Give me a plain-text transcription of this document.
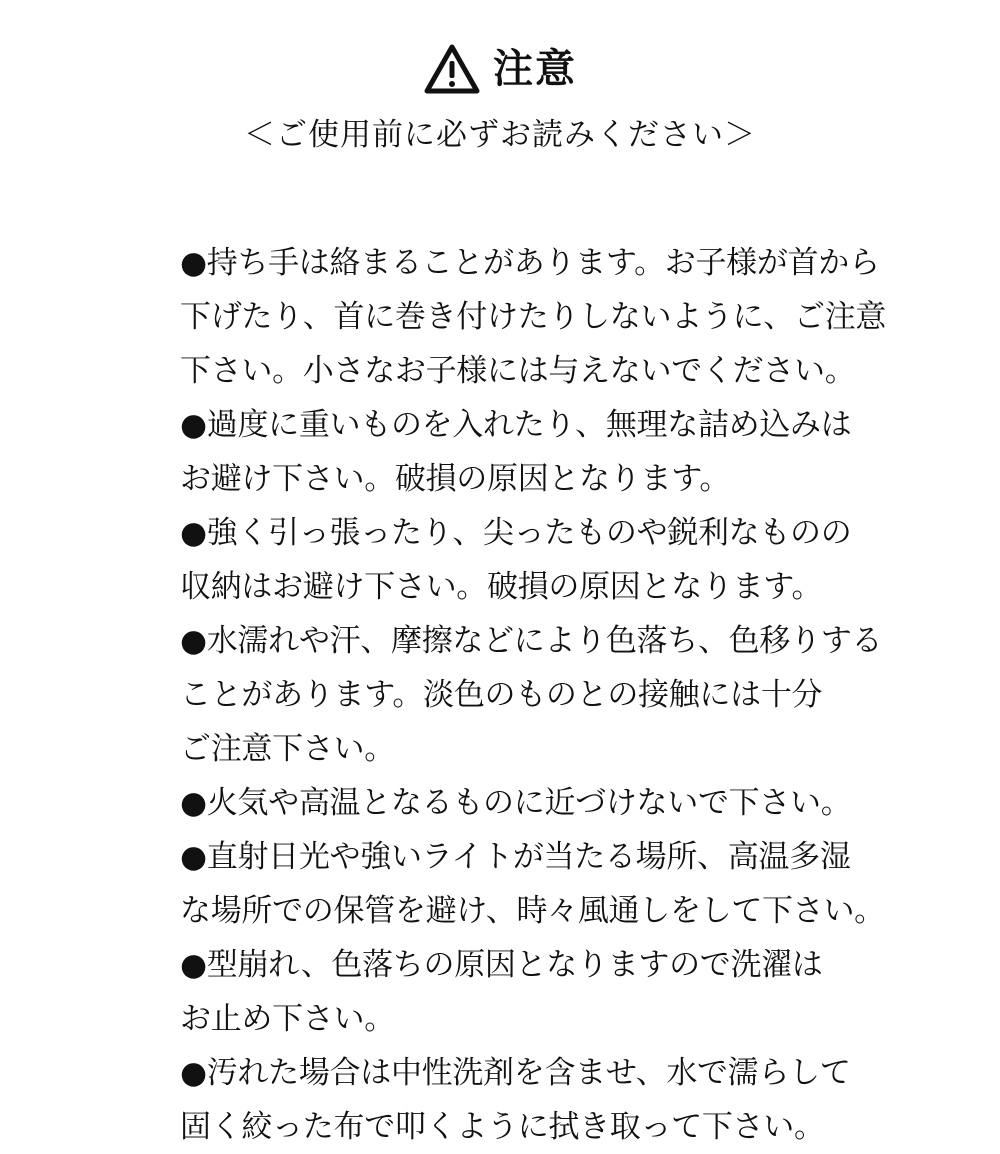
注意
＜ご使用前に必ずお読みください＞
●持ち手は絡まることがあります。お子様が首から
下げたり、首に巻き付けたりしないように、ご注意
下さい。小さなお子様には与えないでください。
●過度に重いものを入れたり、無理な詰め込みは
お避け下さい。破損の原因となります。
●強く引っ張ったり、尖ったものや鋭利なものの
収納はお避け下さい。破損の原因となります。
●水濡れや汗、摩擦などにより色落ち、色移りする
ことがあります。淡色のものとの接触には十分
ご注意下さい。
●火気や高温となるものに近づけないで下さい。
●直射日光や強いライトが当たる場所、高温多湿
な場所での保管を避け、時々風通しをして下さい。
●型崩れ、色落ちの原因となりますので洗濯は
お止め下さい。
●汚れた場合は中性洗剤を含ませ、水で濡らして
固く絞った布で叩くように拭き取って下さい。
